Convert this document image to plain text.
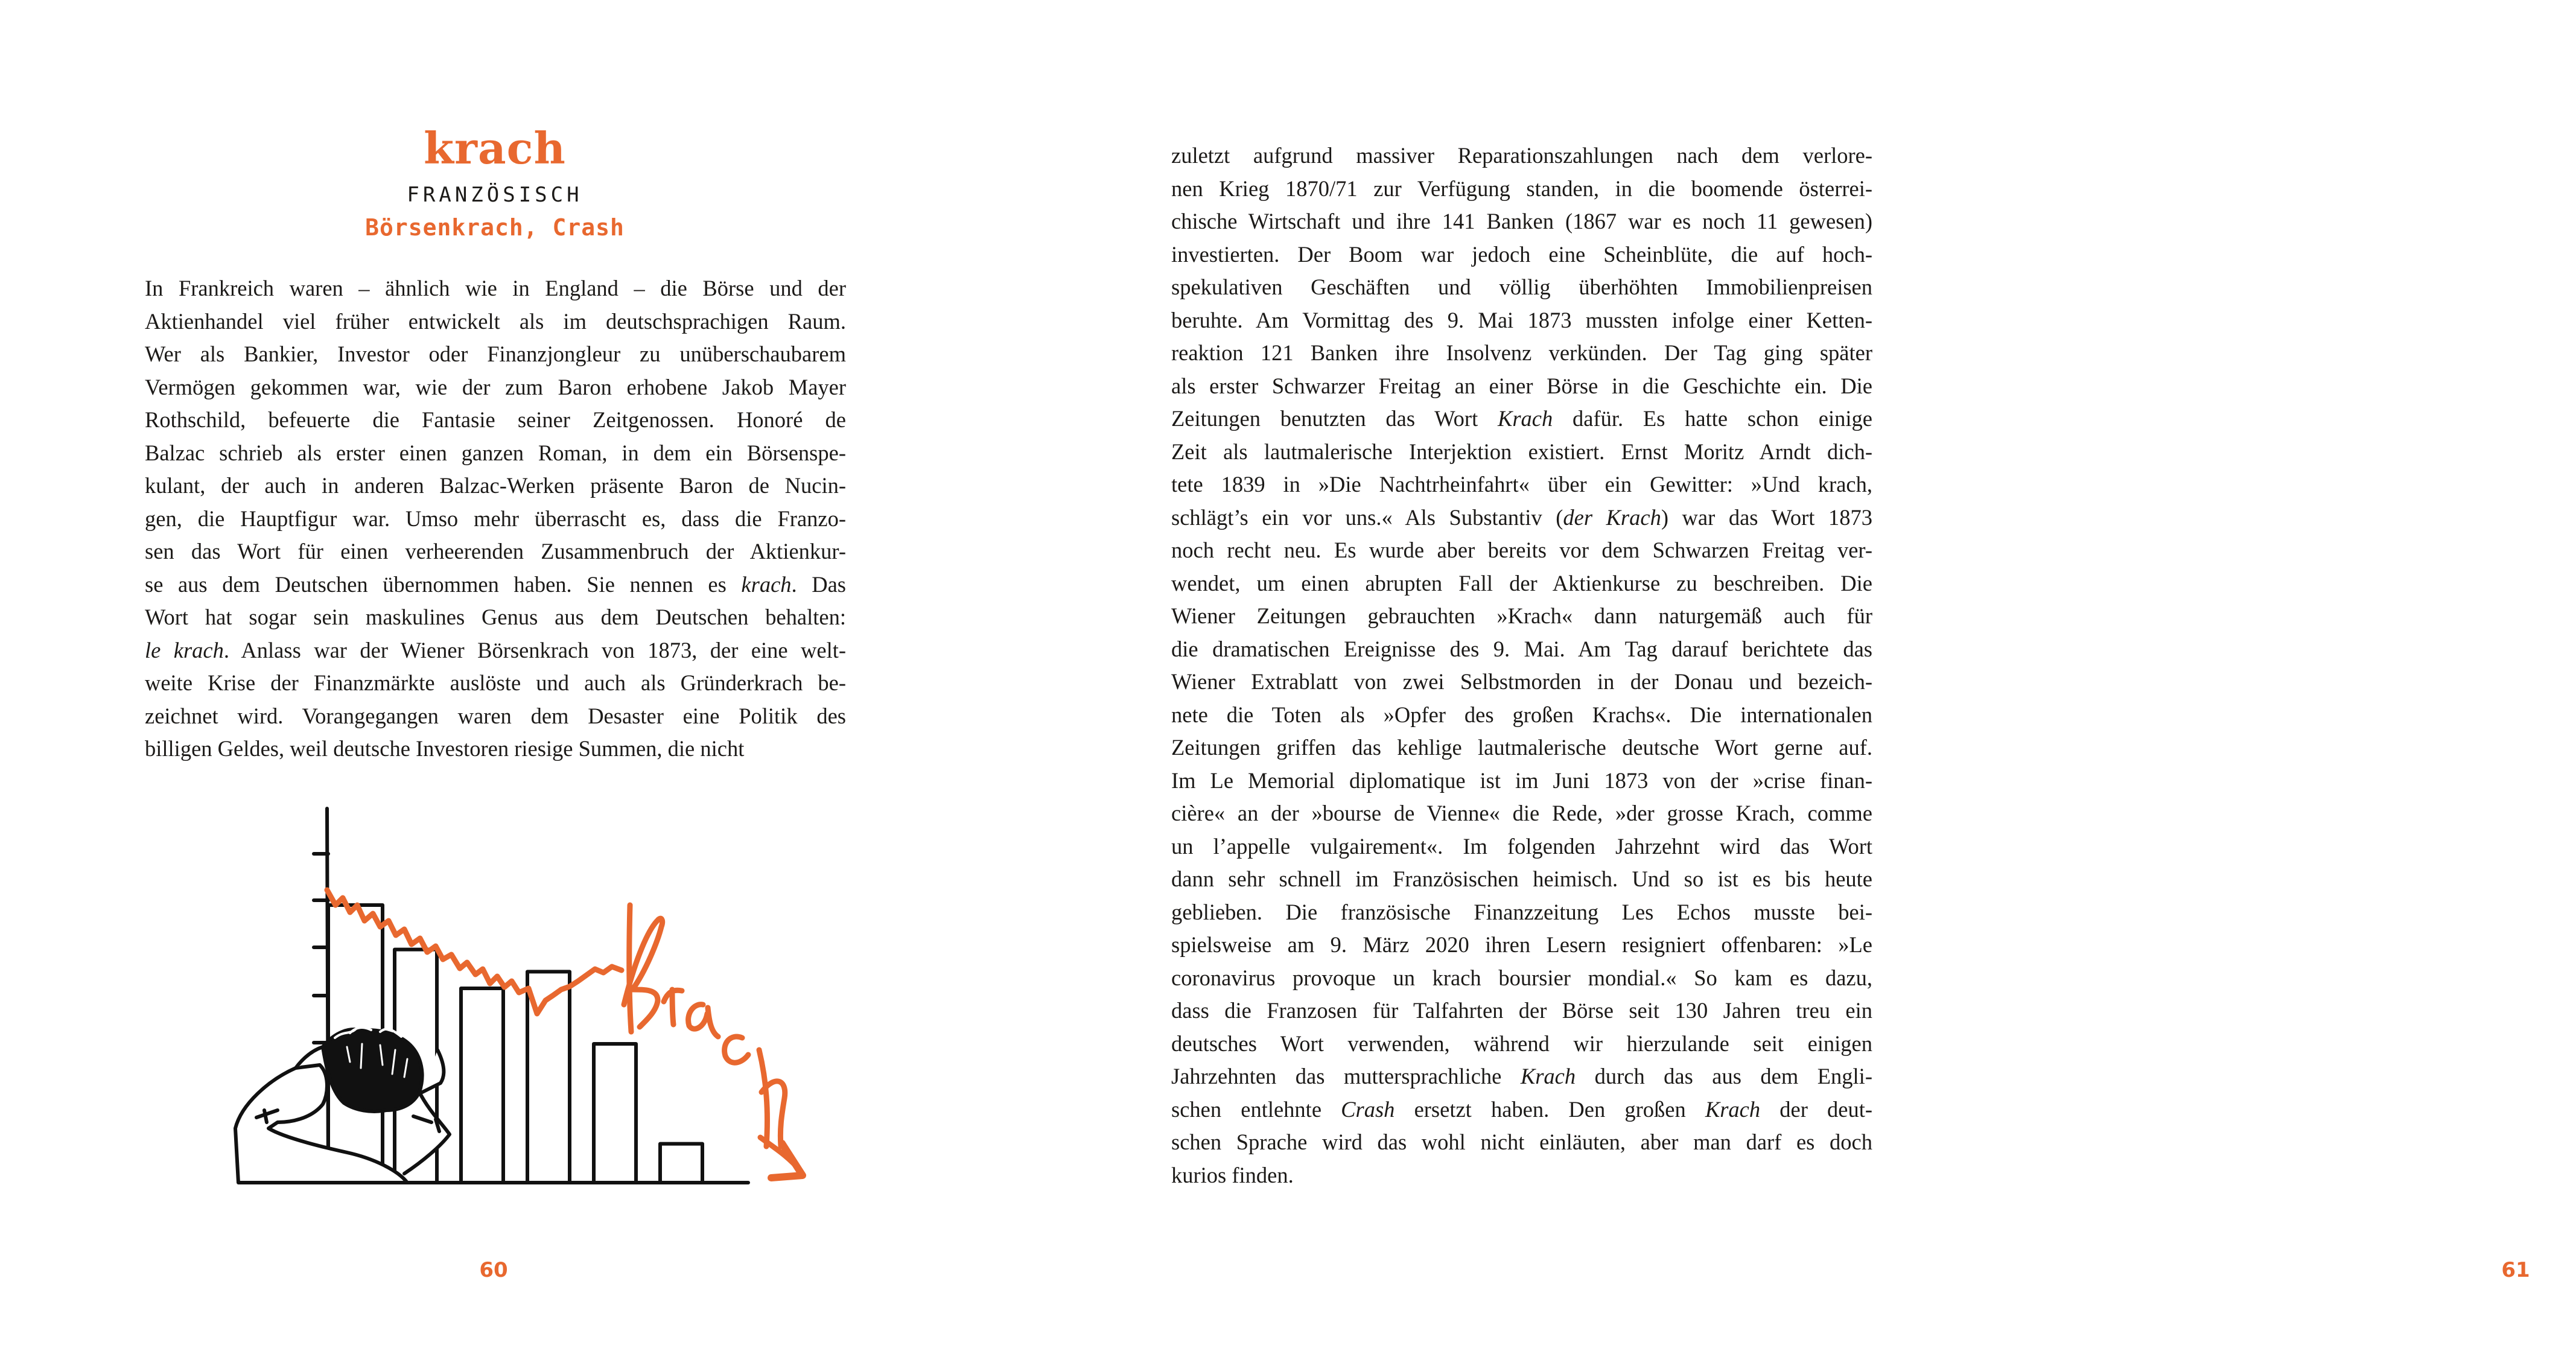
krach
FRANZÖSISCH
Börsenkrach, Crash
In Frankreich waren – ähnlich wie in England – die Börse und der
Aktienhandel viel früher entwickelt als im deutschsprachigen Raum.
Wer als Bankier, Investor oder Finanzjongleur zu unüberschaubarem
Vermögen gekommen war, wie der zum Baron erhobene Jakob Mayer
Rothschild, befeuerte die Fantasie seiner Zeitgenossen. Honoré de
Balzac schrieb als erster einen ganzen Roman, in dem ein Börsenspe-
kulant, der auch in anderen Balzac-Werken präsente Baron de Nucin-
gen, die Hauptfigur war. Umso mehr überrascht es, dass die Franzo-
sen das Wort für einen verheerenden Zusammenbruch der Aktienkur-
se aus dem Deutschen übernommen haben. Sie nennen es krach. Das
Wort hat sogar sein maskulines Genus aus dem Deutschen behalten:
le krach. Anlass war der Wiener Börsenkrach von 1873, der eine welt-
weite Krise der Finanzmärkte auslöste und auch als Gründerkrach be-
zeichnet wird. Vorangegangen waren dem Desaster eine Politik des
billigen Geldes, weil deutsche Investoren riesige Summen, die nicht
60
zuletzt aufgrund massiver Reparationszahlungen nach dem verlore-
nen Krieg 1870/71 zur Verfügung standen, in die boomende österrei-
chische Wirtschaft und ihre 141 Banken (1867 war es noch 11 gewesen)
investierten. Der Boom war jedoch eine Scheinblüte, die auf hoch-
spekulativen Geschäften und völlig überhöhten Immobilienpreisen
beruhte. Am Vormittag des 9. Mai 1873 mussten infolge einer Ketten-
reaktion 121 Banken ihre Insolvenz verkünden. Der Tag ging später
als erster Schwarzer Freitag an einer Börse in die Geschichte ein. Die
Zeitungen benutzten das Wort Krach dafür. Es hatte schon einige
Zeit als lautmalerische Interjektion existiert. Ernst Moritz Arndt dich-
tete 1839 in »Die Nachtrheinfahrt« über ein Gewitter: »Und krach,
schlägt’s ein vor uns.« Als Substantiv (der Krach) war das Wort 1873
noch recht neu. Es wurde aber bereits vor dem Schwarzen Freitag ver-
wendet, um einen abrupten Fall der Aktienkurse zu beschreiben. Die
Wiener Zeitungen gebrauchten »Krach« dann naturgemäß auch für
die dramatischen Ereignisse des 9. Mai. Am Tag darauf berichtete das
Wiener Extrablatt von zwei Selbstmorden in der Donau und bezeich-
nete die Toten als »Opfer des großen Krachs«. Die internationalen
Zeitungen griffen das kehlige lautmalerische deutsche Wort gerne auf.
Im Le Memorial diplomatique ist im Juni 1873 von der »crise finan-
cière« an der »bourse de Vienne« die Rede, »der grosse Krach, comme
un l’appelle vulgairement«. Im folgenden Jahrzehnt wird das Wort
dann sehr schnell im Französischen heimisch. Und so ist es bis heute
geblieben. Die französische Finanzzeitung Les Echos musste bei-
spielsweise am 9. März 2020 ihren Lesern resigniert offenbaren: »Le
coronavirus provoque un krach boursier mondial.« So kam es dazu,
dass die Franzosen für Talfahrten der Börse seit 130 Jahren treu ein
deutsches Wort verwenden, während wir hierzulande seit einigen
Jahrzehnten das muttersprachliche Krach durch das aus dem Engli-
schen entlehnte Crash ersetzt haben. Den großen Krach der deut-
schen Sprache wird das wohl nicht einläuten, aber man darf es doch
kurios finden.
61
